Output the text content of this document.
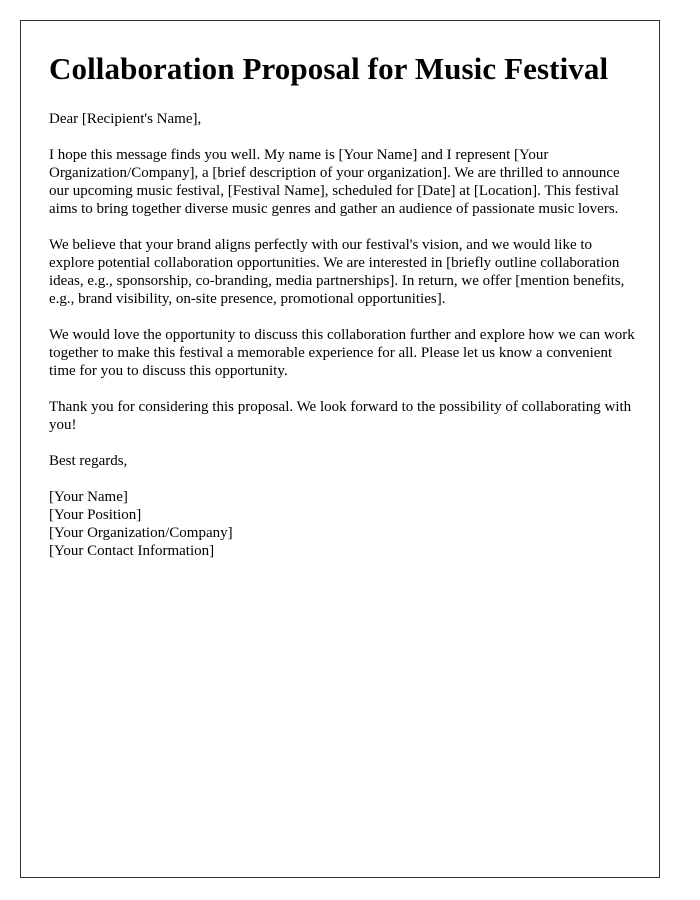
Collaboration Proposal for Music Festival

Dear [Recipient's Name],

I hope this message finds you well. My name is [Your Name] and I represent [Your Organization/Company], a [brief description of your organization]. We are thrilled to announce our upcoming music festival, [Festival Name], scheduled for [Date] at [Location]. This festival aims to bring together diverse music genres and gather an audience of passionate music lovers.

We believe that your brand aligns perfectly with our festival's vision, and we would like to explore potential collaboration opportunities. We are interested in [briefly outline collaboration ideas, e.g., sponsorship, co-branding, media partnerships]. In return, we offer [mention benefits, e.g., brand visibility, on-site presence, promotional opportunities].

We would love the opportunity to discuss this collaboration further and explore how we can work together to make this festival a memorable experience for all. Please let us know a convenient time for you to discuss this opportunity.

Thank you for considering this proposal. We look forward to the possibility of collaborating with you!

Best regards,

[Your Name]
[Your Position]
[Your Organization/Company]
[Your Contact Information]
